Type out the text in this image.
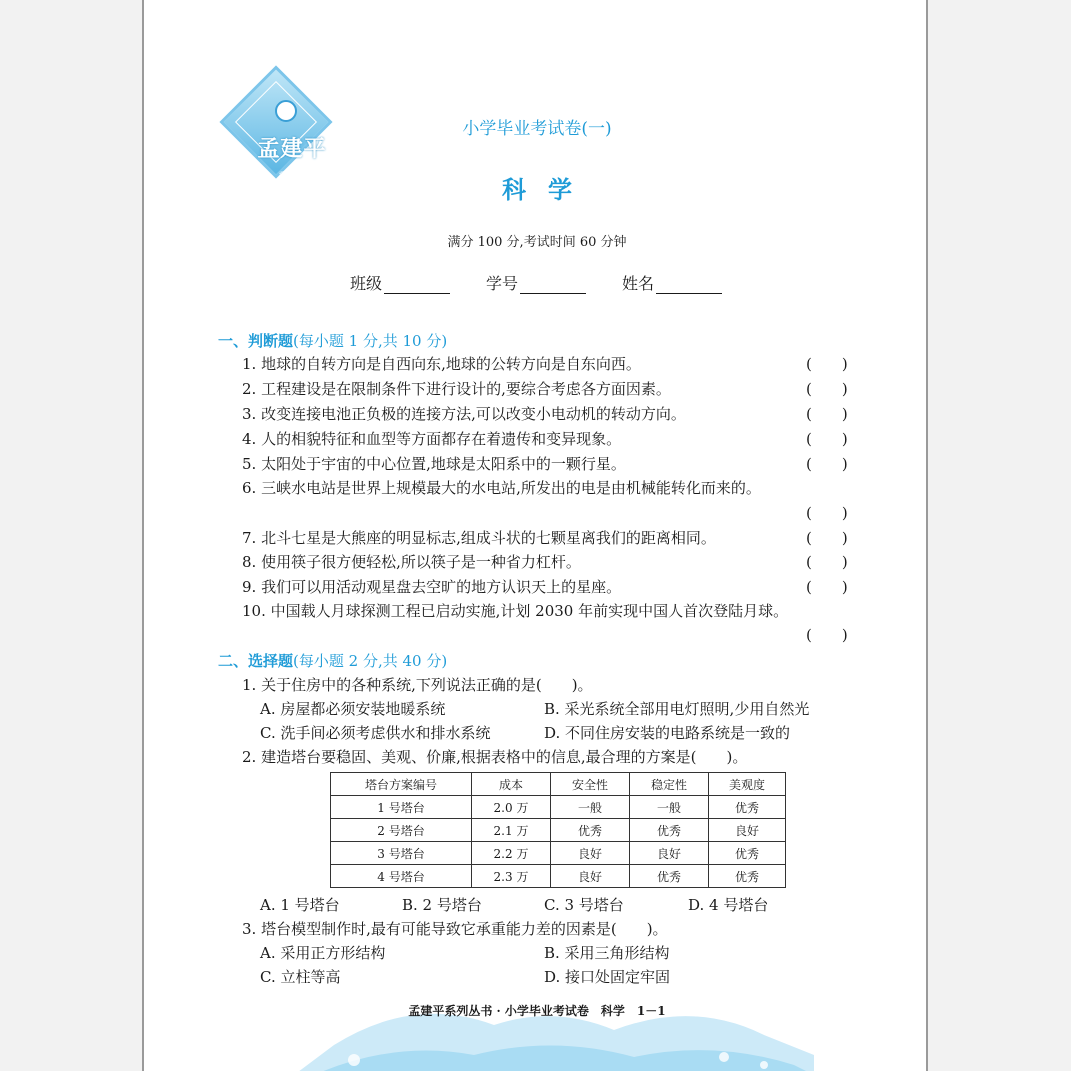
孟建平
系列丛书
小学毕业考试卷(一)
科学
满分 100 分,考试时间 60 分钟
班级	学号	姓名
一、判断题(每小题 1 分,共 10 分)
1. 地球的自转方向是自西向东,地球的公转方向是自东向西。	(　　)
2. 工程建设是在限制条件下进行设计的,要综合考虑各方面因素。	(　　)
3. 改变连接电池正负极的连接方法,可以改变小电动机的转动方向。	(　　)
4. 人的相貌特征和血型等方面都存在着遗传和变异现象。	(　　)
5. 太阳处于宇宙的中心位置,地球是太阳系中的一颗行星。	(　　)
6. 三峡水电站是世界上规模最大的水电站,所发出的电是由机械能转化而来的。
(　　)
7. 北斗七星是大熊座的明显标志,组成斗状的七颗星离我们的距离相同。	(　　)
8. 使用筷子很方便轻松,所以筷子是一种省力杠杆。	(　　)
9. 我们可以用活动观星盘去空旷的地方认识天上的星座。	(　　)
10. 中国载人月球探测工程已启动实施,计划 2030 年前实现中国人首次登陆月球。
(　　)
二、选择题(每小题 2 分,共 40 分)
1. 关于住房中的各种系统,下列说法正确的是(　　)。
A. 房屋都必须安装地暖系统	B. 采光系统全部用电灯照明,少用自然光
C. 洗手间必须考虑供水和排水系统	D. 不同住房安装的电路系统是一致的
2. 建造塔台要稳固、美观、价廉,根据表格中的信息,最合理的方案是(　　)。
塔台方案编号	成本	安全性	稳定性	美观度
1 号塔台	2.0 万	一般	一般	优秀
2 号塔台	2.1 万	优秀	优秀	良好
3 号塔台	2.2 万	良好	良好	优秀
4 号塔台	2.3 万	良好	优秀	优秀
A. 1 号塔台	B. 2 号塔台	C. 3 号塔台	D. 4 号塔台
3. 塔台模型制作时,最有可能导致它承重能力差的因素是(　　)。
A. 采用正方形结构	B. 采用三角形结构
C. 立柱等高	D. 接口处固定牢固
孟建平系列丛书 · 小学毕业考试卷　科学　1－1
